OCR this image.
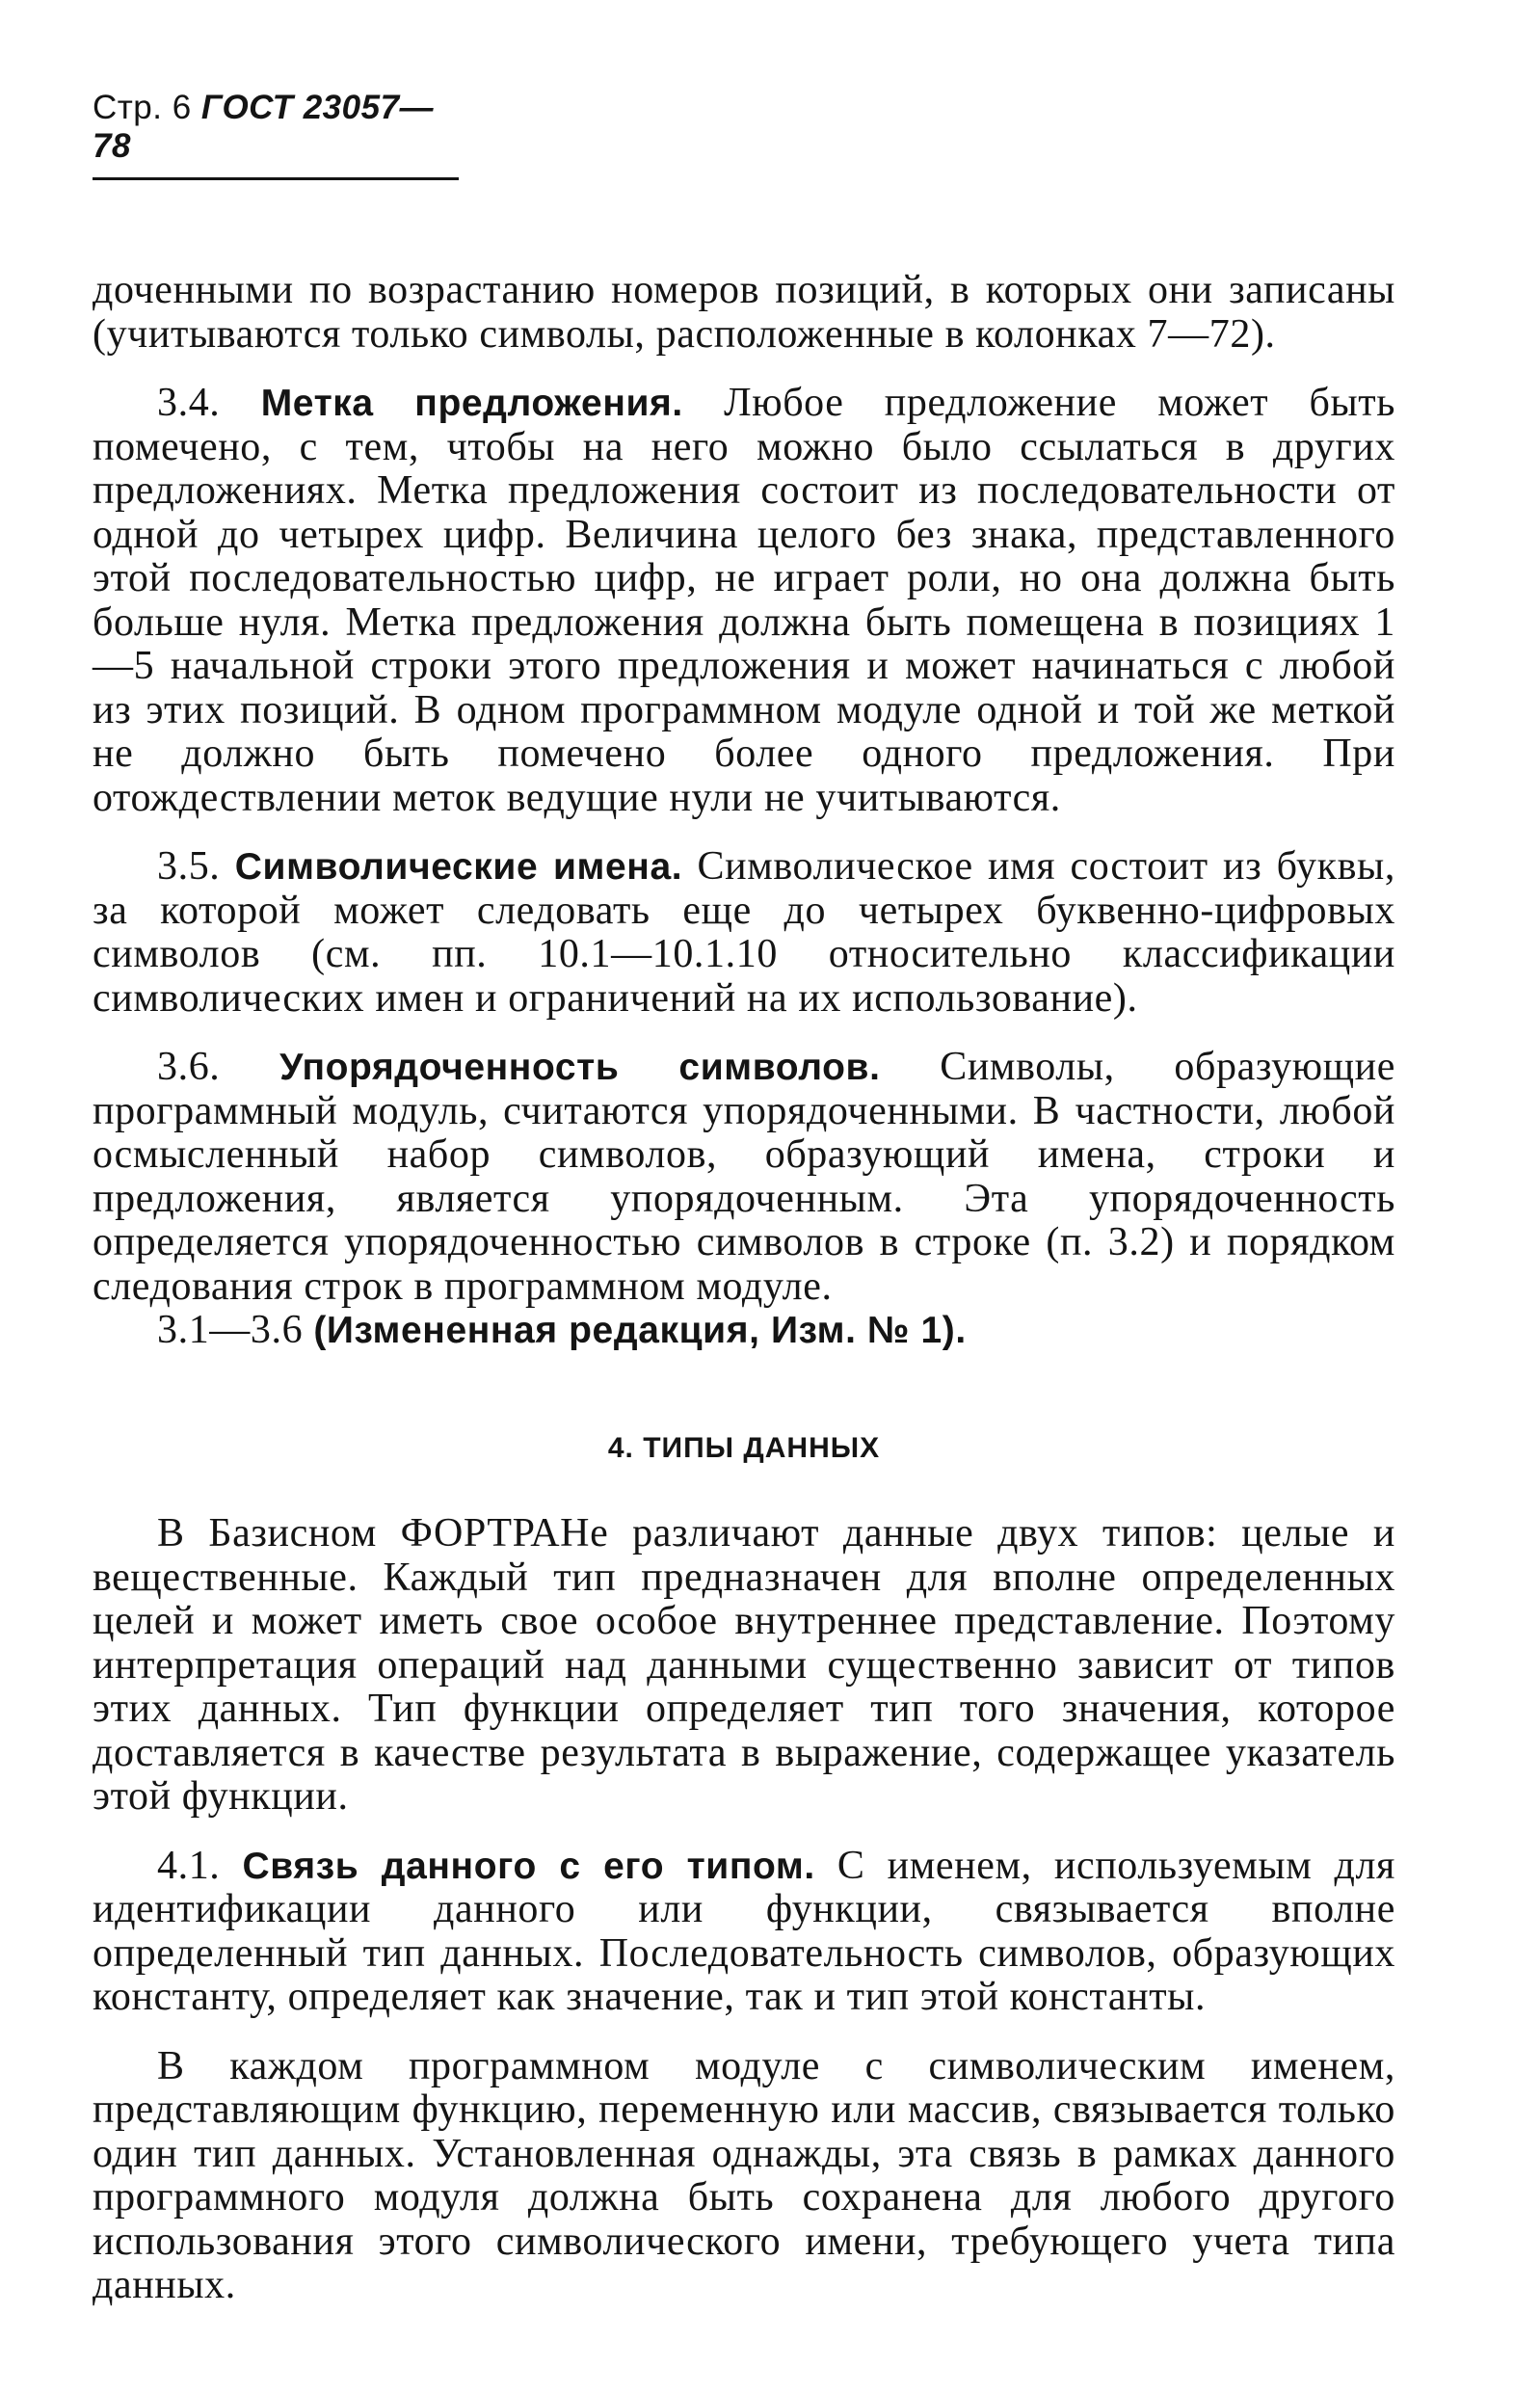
Стр. 6 ГОСТ 23057—78

доченными по возрастанию номеров позиций, в которых они записаны (учитываются только символы, расположенные в колонках 7—72).

3.4. Метка предложения. Любое предложение может быть помечено, с тем, чтобы на него можно было ссылаться в других предложениях. Метка предложения состоит из последовательности от одной до четырех цифр. Величина целого без знака, представленного этой последовательностью цифр, не играет роли, но она должна быть больше нуля. Метка предложения должна быть помещена в позициях 1—5 начальной строки этого предложения и может начинаться с любой из этих позиций. В одном программном модуле одной и той же меткой не должно быть помечено более одного предложения. При отождествлении меток ведущие нули не учитываются.

3.5. Символические имена. Символическое имя состоит из буквы, за которой может следовать еще до четырех буквенно-цифровых символов (см. пп. 10.1—10.1.10 относительно классификации символических имен и ограничений на их использование).

3.6. Упорядоченность символов. Символы, образующие программный модуль, считаются упорядоченными. В частности, любой осмысленный набор символов, образующий имена, строки и предложения, является упорядоченным. Эта упорядоченность определяется упорядоченностью символов в строке (п. 3.2) и порядком следования строк в программном модуле.

3.1—3.6 (Измененная редакция, Изм. № 1).

4. ТИПЫ ДАННЫХ

В Базисном ФОРТРАНе различают данные двух типов: целые и вещественные. Каждый тип предназначен для вполне определенных целей и может иметь свое особое внутреннее представление. Поэтому интерпретация операций над данными существенно зависит от типов этих данных. Тип функции определяет тип того значения, которое доставляется в качестве результата в выражение, содержащее указатель этой функции.

4.1. Связь данного с его типом. С именем, используемым для идентификации данного или функции, связывается вполне определенный тип данных. Последовательность символов, образующих константу, определяет как значение, так и тип этой константы.

В каждом программном модуле с символическим именем, представляющим функцию, переменную или массив, связывается только один тип данных. Установленная однажды, эта связь в рамках данного программного модуля должна быть сохранена для любого другого использования этого символического имени, требующего учета типа данных.
